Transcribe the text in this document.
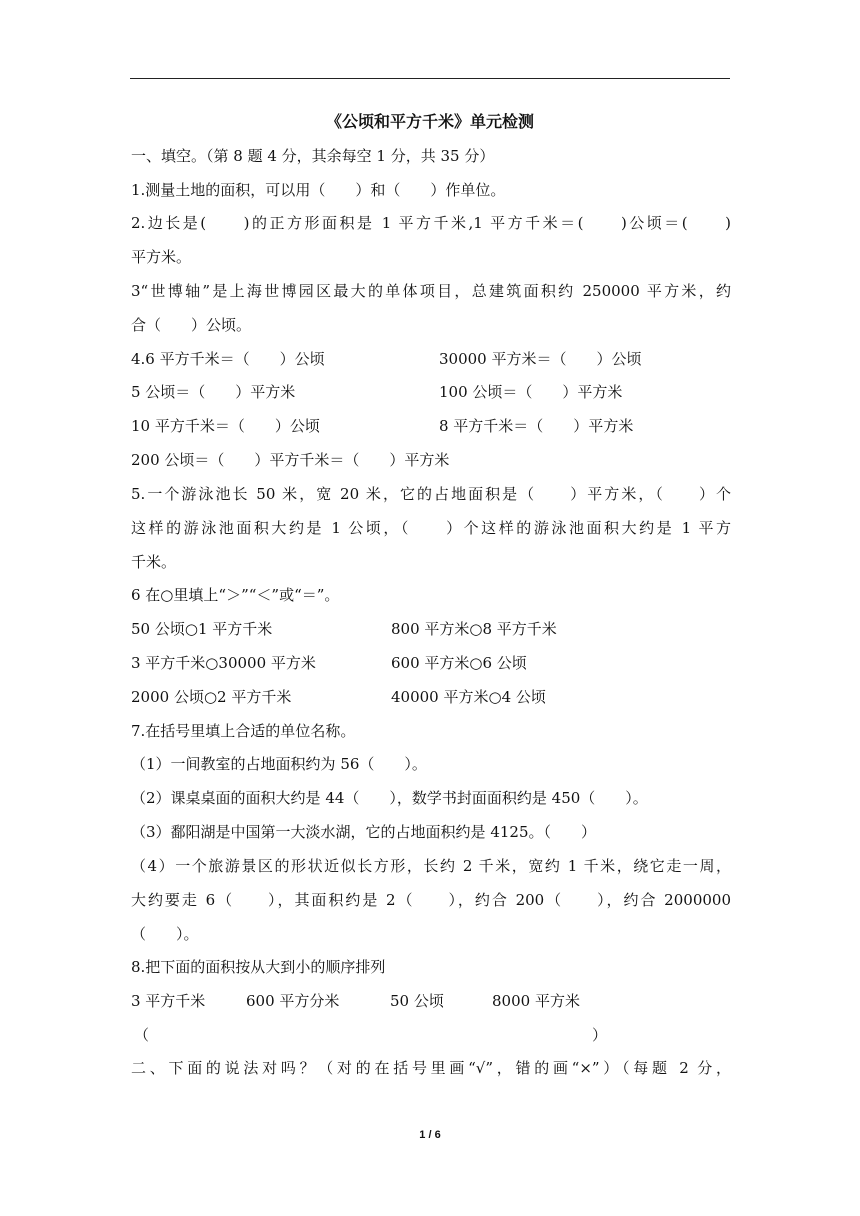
《公顷和平方千米》单元检测
一、填空。（第 8 题 4 分，其余每空 1 分，共 35 分）
1.测量土地的面积，可以用（　　）和（　　）作单位。
2.边长是(　　)的正方形面积是 1 平方千米,1 平方千米＝(　　)公顷＝(　　)
平方米。
3“世博轴”是上海世博园区最大的单体项目，总建筑面积约 250000 平方米，约
合（　　）公顷。
4.6 平方千米＝（　　）公顷	30000 平方米＝（　　）公顷
5 公顷＝（　　）平方米	100 公顷＝（　　）平方米
10 平方千米＝（　　）公顷	8 平方千米＝（　　）平方米
200 公顷＝（　　）平方千米＝（　　）平方米
5.一个游泳池长 50 米，宽 20 米，它的占地面积是（　　）平方米，（　　）个
这样的游泳池面积大约是 1 公顷，（　　）个这样的游泳池面积大约是 1 平方
千米。
6 在○里填上“＞”“＜”或“＝”。
50 公顷○1 平方千米	800 平方米○8 平方千米
3 平方千米○30000 平方米	600 平方米○6 公顷
2000 公顷○2 平方千米	40000 平方米○4 公顷
7.在括号里填上合适的单位名称。
（1）一间教室的占地面积约为 56（　　）。
（2）课桌桌面的面积大约是 44（　　），数学书封面面积约是 450（　　）。
（3）鄱阳湖是中国第一大淡水湖，它的占地面积约是 4125。（　　）
（4）一个旅游景区的形状近似长方形，长约 2 千米，宽约 1 千米，绕它走一周，
大约要走 6（　　），其面积约是 2（　　），约合 200（　　），约合 2000000
（　　）。
8.把下面的面积按从大到小的顺序排列
3 平方千米	600 平方分米	50 公顷	8000 平方米
（	）
二、下面的说法对吗？（对的在括号里画“√”，错的画“×”）（每题 2 分，
1 / 6
